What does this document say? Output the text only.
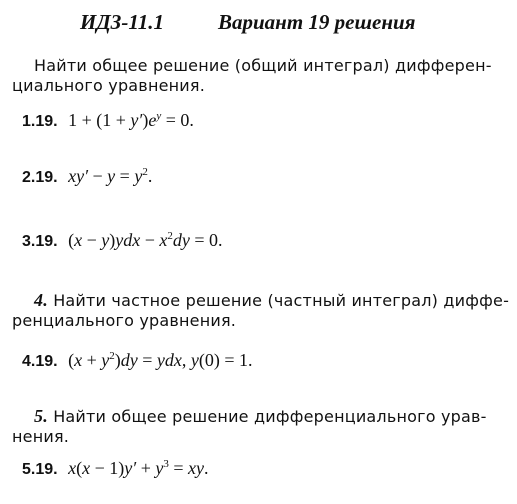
ИДЗ-11.1	Вариант 19 решения
Найти общее решение (общий интеграл) дифферен-
циального уравнения.
1.19. $1 + (1 + y')e^y = 0$.
2.19. $xy' - y = y^2$.
3.19. $(x - y)ydx - x^2dy = 0$.
4. Найти частное решение (частный интеграл) диффе-
ренциального уравнения.
4.19. $(x + y^2)dy$ = ydx, y(0) = 1.
5. Найти общее решение дифференциального урав-
нения.
5.19. $x(x - 1)y' + y^3$ = xy.
